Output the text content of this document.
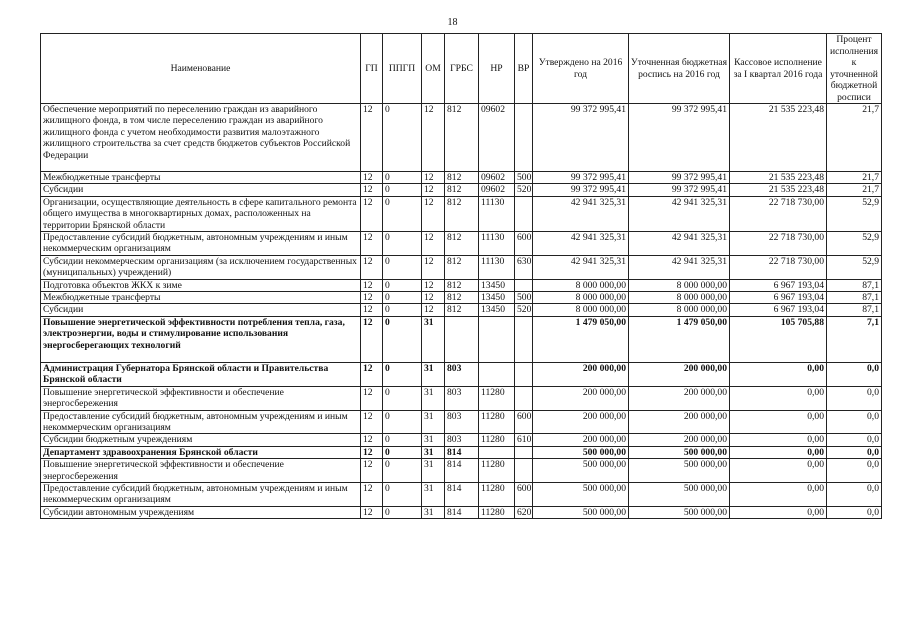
18
Наименование	ГП	ППГП	ОМ	ГРБС	НР	ВР	Утверждено на 2016 год	Уточненная бюджетная роспись на 2016 год	Кассовое исполнение за I квартал 2016 года	Процент исполнения к уточненной бюджетной росписи
Обеспечение мероприятий по переселению граждан из аварийного жилищного фонда, в том числе переселению граждан из аварийного жилищного фонда с учетом необходимости развития малоэтажного жилищного строительства за счет средств бюджетов субъектов Российской Федерации	12	0	12	812	09602		99 372 995,41	99 372 995,41	21 535 223,48	21,7
Межбюджетные трансферты	12	0	12	812	09602	500	99 372 995,41	99 372 995,41	21 535 223,48	21,7
Субсидии	12	0	12	812	09602	520	99 372 995,41	99 372 995,41	21 535 223,48	21,7
Организации, осуществляющие деятельность в сфере капитального ремонта общего имущества в многоквартирных домах, расположенных на территории Брянской области	12	0	12	812	11130		42 941 325,31	42 941 325,31	22 718 730,00	52,9
Предоставление субсидий бюджетным, автономным учреждениям и иным некоммерческим организациям	12	0	12	812	11130	600	42 941 325,31	42 941 325,31	22 718 730,00	52,9
Субсидии некоммерческим организациям (за исключением государственных (муниципальных) учреждений)	12	0	12	812	11130	630	42 941 325,31	42 941 325,31	22 718 730,00	52,9
Подготовка объектов ЖКХ к зиме	12	0	12	812	13450		8 000 000,00	8 000 000,00	6 967 193,04	87,1
Межбюджетные трансферты	12	0	12	812	13450	500	8 000 000,00	8 000 000,00	6 967 193,04	87,1
Субсидии	12	0	12	812	13450	520	8 000 000,00	8 000 000,00	6 967 193,04	87,1
Повышение энергетической эффективности потребления тепла, газа, электроэнергии, воды и стимулирование использования энергосберегающих технологий	12	0	31				1 479 050,00	1 479 050,00	105 705,88	7,1
Администрация Губернатора Брянской области и Правительства Брянской области	12	0	31	803			200 000,00	200 000,00	0,00	0,0
Повышение энергетической эффективности и обеспечение энергосбережения	12	0	31	803	11280		200 000,00	200 000,00	0,00	0,0
Предоставление субсидий бюджетным, автономным учреждениям и иным некоммерческим организациям	12	0	31	803	11280	600	200 000,00	200 000,00	0,00	0,0
Субсидии бюджетным учреждениям	12	0	31	803	11280	610	200 000,00	200 000,00	0,00	0,0
Департамент здравоохранения Брянской области	12	0	31	814			500 000,00	500 000,00	0,00	0,0
Повышение энергетической эффективности и обеспечение энергосбережения	12	0	31	814	11280		500 000,00	500 000,00	0,00	0,0
Предоставление субсидий бюджетным, автономным учреждениям и иным некоммерческим организациям	12	0	31	814	11280	600	500 000,00	500 000,00	0,00	0,0
Субсидии автономным учреждениям	12	0	31	814	11280	620	500 000,00	500 000,00	0,00	0,0
